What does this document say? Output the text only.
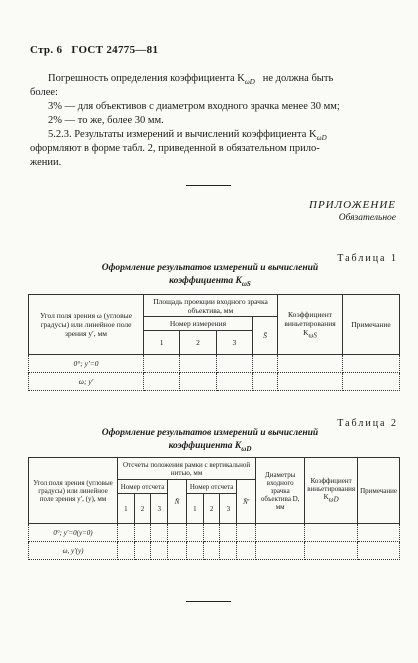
Стр. 6 ГОСТ 24775—81
Погрешность определения коэффициента $K_{\omega D}$ не должна быть
более:
3% — для объективов с диаметром входного зрачка менее 30 мм;
2% — то же, более 30 мм.
5.2.3. Результаты измерений и вычислений коэффициента $K_{\omega D}$
оформляют в форме табл. 2, приведенной в обязательном прило-
жении.
ПРИЛОЖЕНИЕ
Обязательное
Таблица 1
Оформление результатов измерений и вычислений
коэффициента $K_{\omega S}$
Угол поля зрения ω (угловые градусы) или линейное поле зрения y′, мм	Площадь проекции входного зрачка объектива, мм				Коэффициент виньетирования $K_{\omega S}$	Примечание
	Номер измерения			S̄		
	1	2	3			
0°; y′=0						
ω; y′						
Таблица 2
Оформление результатов измерений и вычислений
коэффициента $K_{\omega D}$
Угол поля зрения (угловые градусы) или линейное поле зрения y′, (y), мм	Отсчеты положения рамки с вертикальной нитью, мм								Диаметры входного зрачка объектива D, мм	Коэффициент виньетирования $K_{\omega D}$	Примечание
	Номер отсчета			N̄	Номер отсчета			N̄′			
	1	2	3		1	2	3				
0°; y′=0(y=0)											
ω, y′(y)											
